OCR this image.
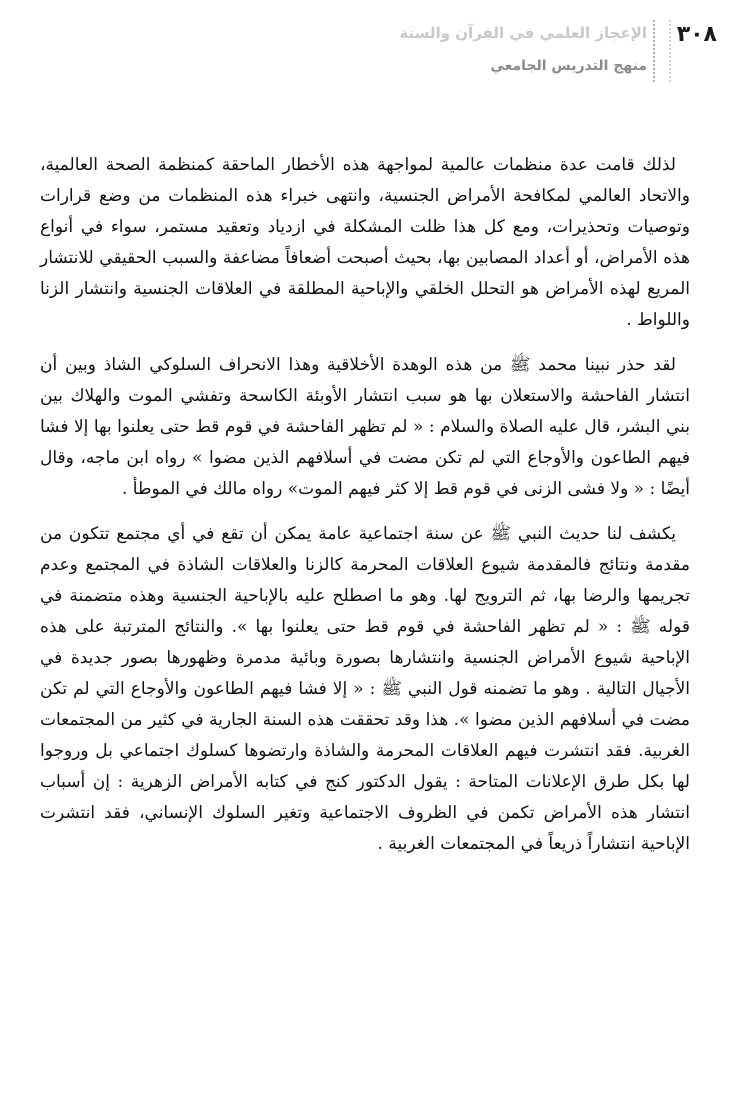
٣٠٨
الإعجاز العلمي في القرآن والسنة
منهج التدريس الجامعي

لذلك قامت عدة منظمات عالمية لمواجهة هذه الأخطار الماحقة كمنظمة الصحة العالمية، والاتحاد العالمي لمكافحة الأمراض الجنسية، وانتهى خبراء هذه المنظمات من وضع قرارات وتوصيات وتحذيرات، ومع كل هذا ظلت المشكلة في ازدياد وتعقيد مستمر، سواء في أنواع هذه الأمراض، أو أعداد المصابين بها، بحيث أصبحت أضعافاً مضاعفة والسبب الحقيقي للانتشار المريع لهذه الأمراض هو التحلل الخلقي والإباحية المطلقة في العلاقات الجنسية وانتشار الزنا واللواط .

لقد حذر نبينا محمد ﷺ من هذه الوهدة الأخلاقية وهذا الانحراف السلوكي الشاذ وبين أن انتشار الفاحشة والاستعلان بها هو سبب انتشار الأوبئة الكاسحة وتفشي الموت والهلاك بين بني البشر، قال عليه الصلاة والسلام : « لم تظهر الفاحشة في قوم قط حتى يعلنوا بها إلا فشا فيهم الطاعون والأوجاع التي لم تكن مضت في أسلافهم الذين مضوا » رواه ابن ماجه، وقال أيضًا : « ولا فشى الزنى في قوم قط إلا كثر فيهم الموت» رواه مالك في الموطأ .

يكشف لنا حديث النبي ﷺ عن سنة اجتماعية عامة يمكن أن تقع في أي مجتمع تتكون من مقدمة ونتائج فالمقدمة شيوع العلاقات المحرمة كالزنا والعلاقات الشاذة في المجتمع وعدم تجريمها والرضا بها، ثم الترويج لها. وهو ما اصطلح عليه بالإباحية الجنسية وهذه متضمنة في قوله ﷺ : « لم تظهر الفاحشة في قوم قط حتى يعلنوا بها ». والنتائج المترتبة على هذه الإباحية شيوع الأمراض الجنسية وانتشارها بصورة وبائية مدمرة وظهورها بصور جديدة في الأجيال التالية . وهو ما تضمنه قول النبي ﷺ : « إلا فشا فيهم الطاعون والأوجاع التي لم تكن مضت في أسلافهم الذين مضوا ». هذا وقد تحققت هذه السنة الجارية في كثير من المجتمعات الغربية. فقد انتشرت فيهم العلاقات المحرمة والشاذة وارتضوها كسلوك اجتماعي بل وروجوا لها بكل طرق الإعلانات المتاحة : يقول الدكتور كنج في كتابه الأمراض الزهرية : إن أسباب انتشار هذه الأمراض تكمن في الظروف الاجتماعية وتغير السلوك الإنساني، فقد انتشرت الإباحية انتشاراً ذريعاً في المجتمعات الغربية .
